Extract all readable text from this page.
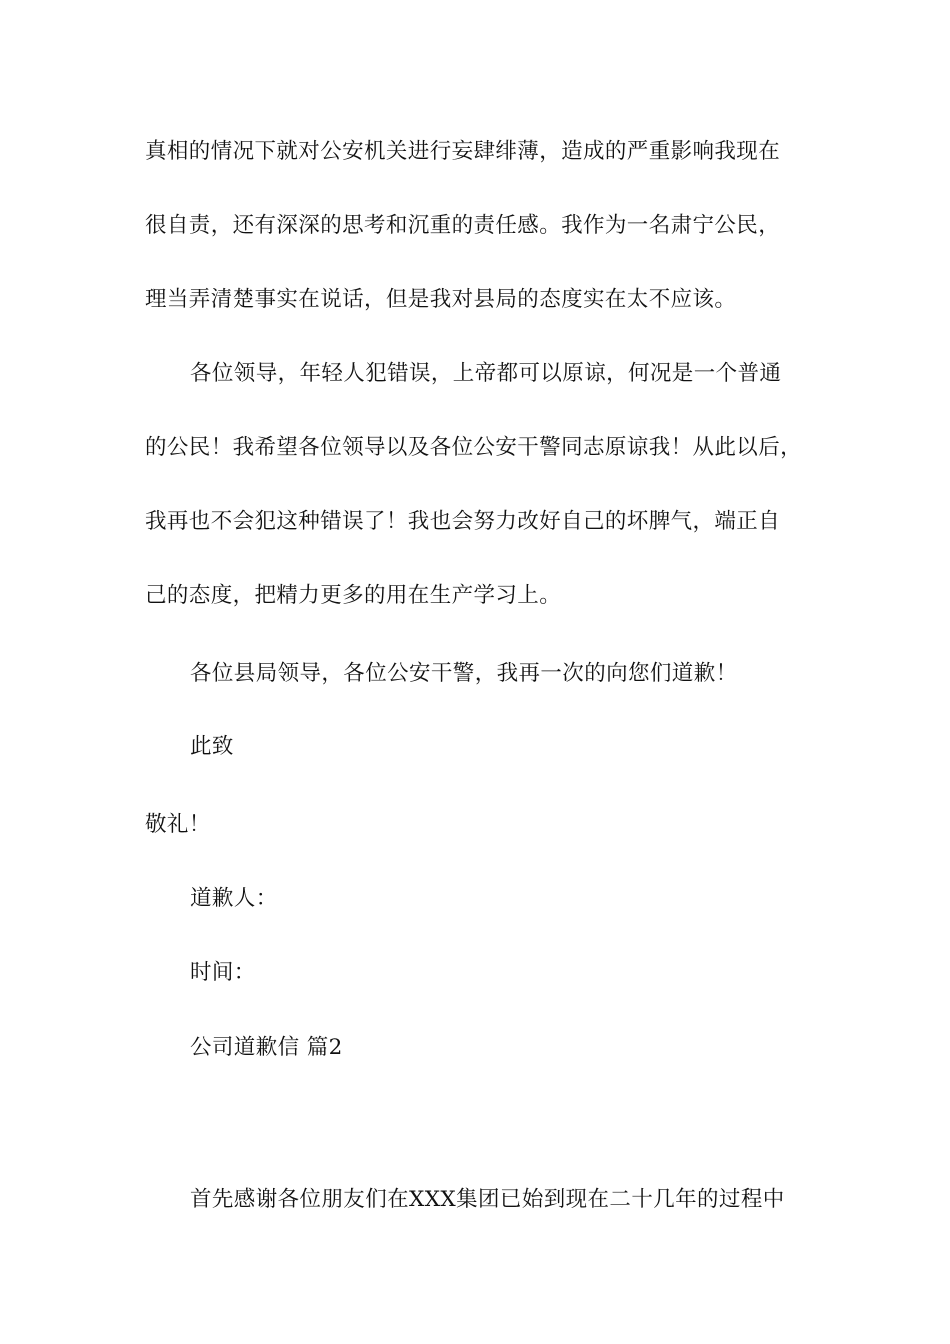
真相的情况下就对公安机关进行妄肆绯薄，造成的严重影响我现在
很自责，还有深深的思考和沉重的责任感。我作为一名肃宁公民，
理当弄清楚事实在说话，但是我对县局的态度实在太不应该。
各位领导，年轻人犯错误，上帝都可以原谅，何况是一个普通
的公民！我希望各位领导以及各位公安干警同志原谅我！从此以后，
我再也不会犯这种错误了！我也会努力改好自己的坏脾气，端正自
己的态度，把精力更多的用在生产学习上。
各位县局领导，各位公安干警，我再一次的向您们道歉！
此致
敬礼！
道歉人：
时间：
公司道歉信 篇2
首先感谢各位朋友们在XXX集团已始到现在二十几年的过程中
